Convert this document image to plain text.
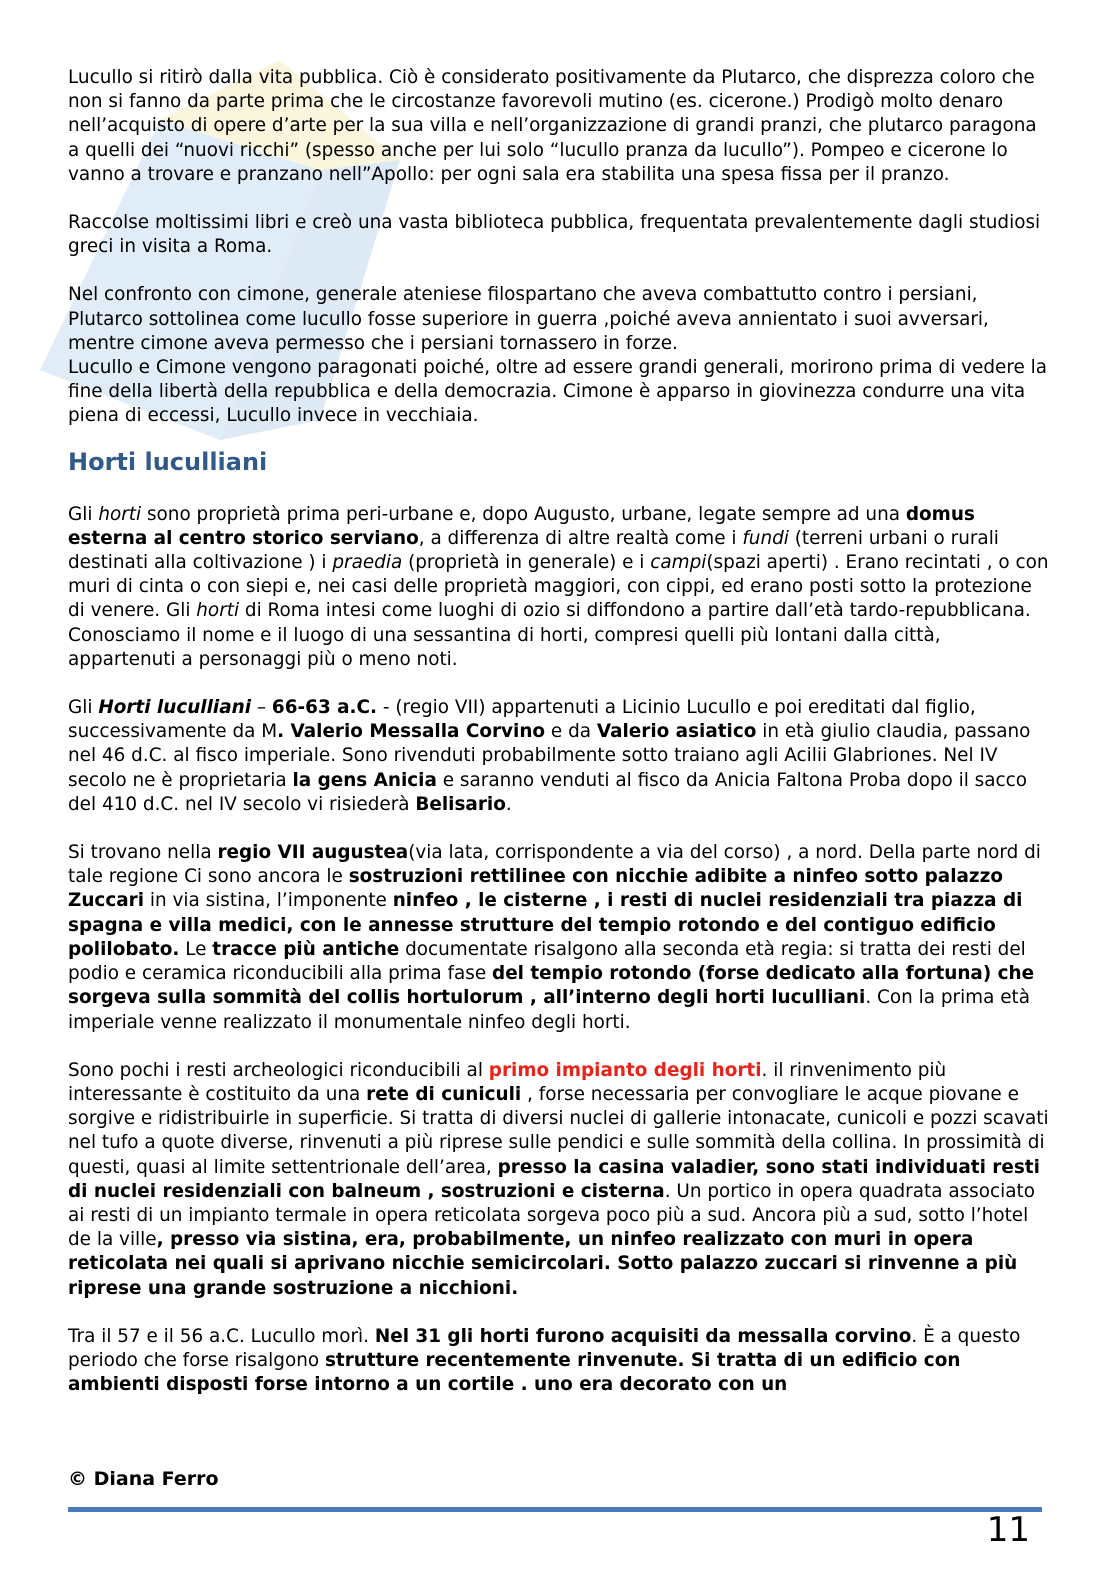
Lucullo si ritirò dalla vita pubblica. Ciò è considerato positivamente da Plutarco, che disprezza coloro che non si fanno da parte prima che le circostanze favorevoli mutino (es. cicerone.) Prodigò molto denaro nell’acquisto di opere d’arte per la sua villa e nell’organizzazione di grandi pranzi, che plutarco paragona a quelli dei “nuovi ricchi” (spesso anche per lui solo “lucullo pranza da lucullo”). Pompeo e cicerone lo vanno a trovare e pranzano nell”Apollo: per ogni sala era stabilita una spesa fissa per il pranzo.

Raccolse moltissimi libri e creò una vasta biblioteca pubblica, frequentata prevalentemente dagli studiosi greci in visita a Roma.

Nel confronto con cimone, generale ateniese filospartano che aveva combattutto contro i persiani, Plutarco sottolinea come lucullo fosse superiore in guerra ,poiché aveva annientato i suoi avversari, mentre cimone aveva permesso che i persiani tornassero in forze.
Lucullo e Cimone vengono paragonati poiché, oltre ad essere grandi generali, morirono prima di vedere la fine della libertà della repubblica e della democrazia. Cimone è apparso in giovinezza condurre una vita piena di eccessi, Lucullo invece in vecchiaia.

Horti luculliani

Gli horti sono proprietà prima peri-urbane e, dopo Augusto, urbane, legate sempre ad una domus esterna al centro storico serviano, a differenza di altre realtà come i fundi (terreni urbani o rurali destinati alla coltivazione ) i praedia (proprietà in generale) e i campi(spazi aperti) . Erano recintati , o con muri di cinta o con siepi e, nei casi delle proprietà maggiori, con cippi, ed erano posti sotto la protezione di venere. Gli horti di Roma intesi come luoghi di ozio si diffondono a partire dall’età tardo-repubblicana. Conosciamo il nome e il luogo di una sessantina di horti, compresi quelli più lontani dalla città, appartenuti a personaggi più o meno noti.

Gli Horti luculliani – 66-63 a.C. - (regio VII) appartenuti a Licinio Lucullo e poi ereditati dal figlio, successivamente da M. Valerio Messalla Corvino e da Valerio asiatico in età giulio claudia, passano nel 46 d.C. al fisco imperiale. Sono rivenduti probabilmente sotto traiano agli Acilii Glabriones. Nel IV secolo ne è proprietaria la gens Anicia e saranno venduti al fisco da Anicia Faltona Proba dopo il sacco del 410 d.C. nel IV secolo vi risiederà Belisario.

Si trovano nella regio VII augustea(via lata, corrispondente a via del corso) , a nord. Della parte nord di tale regione Ci sono ancora le sostruzioni rettilinee con nicchie adibite a ninfeo sotto palazzo Zuccari in via sistina, l’imponente ninfeo , le cisterne , i resti di nuclei residenziali tra piazza di spagna e villa medici, con le annesse strutture del tempio rotondo e del contiguo edificio polilobato. Le tracce più antiche documentate risalgono alla seconda età regia: si tratta dei resti del podio e ceramica riconducibili alla prima fase del tempio rotondo (forse dedicato alla fortuna) che sorgeva sulla sommità del collis hortulorum , all’interno degli horti luculliani. Con la prima età imperiale venne realizzato il monumentale ninfeo degli horti.

Sono pochi i resti archeologici riconducibili al primo impianto degli horti. il rinvenimento più interessante è costituito da una rete di cuniculi , forse necessaria per convogliare le acque piovane e sorgive e ridistribuirle in superficie. Si tratta di diversi nuclei di gallerie intonacate, cunicoli e pozzi scavati nel tufo a quote diverse, rinvenuti a più riprese sulle pendici e sulle sommità della collina. In prossimità di questi, quasi al limite settentrionale dell’area, presso la casina valadier, sono stati individuati resti di nuclei residenziali con balneum , sostruzioni e cisterna. Un portico in opera quadrata associato ai resti di un impianto termale in opera reticolata sorgeva poco più a sud. Ancora più a sud, sotto l’hotel de la ville, presso via sistina, era, probabilmente, un ninfeo realizzato con muri in opera reticolata nei quali si aprivano nicchie semicircolari. Sotto palazzo zuccari si rinvenne a più riprese una grande sostruzione a nicchioni.

Tra il 57 e il 56 a.C. Lucullo morì. Nel 31 gli horti furono acquisiti da messalla corvino. È a questo periodo che forse risalgono strutture recentemente rinvenute. Si tratta di un edificio con ambienti disposti forse intorno a un cortile . uno era decorato con un

© Diana Ferro
11
